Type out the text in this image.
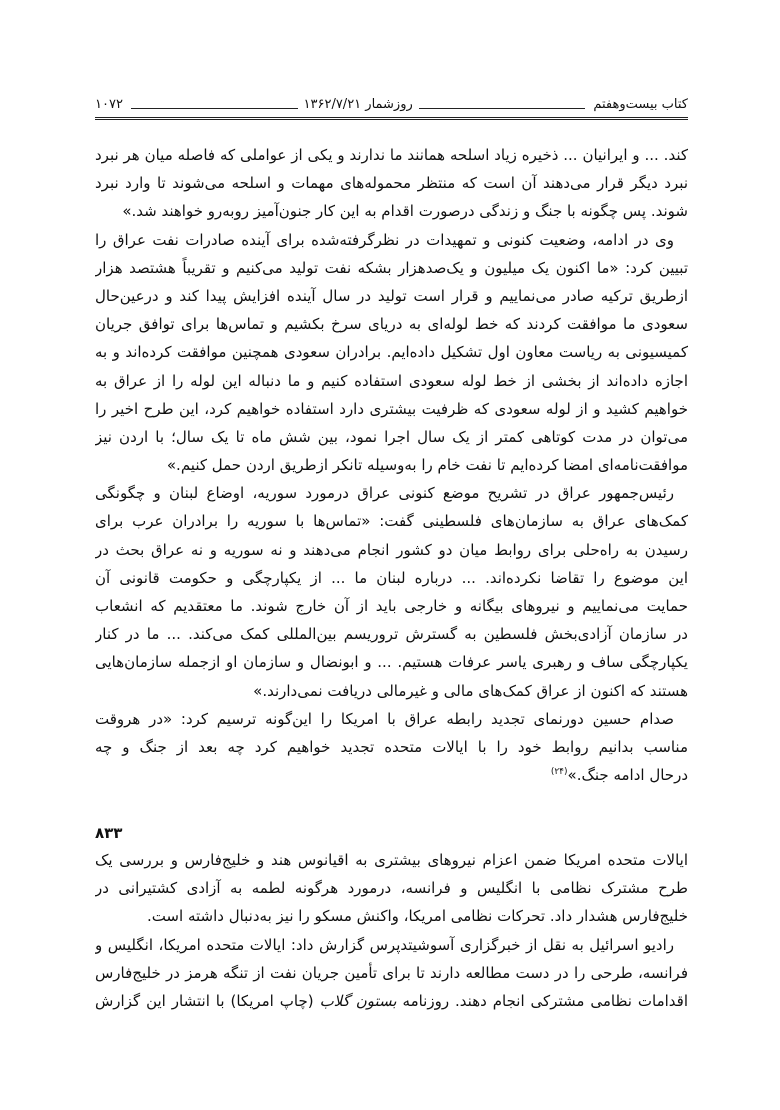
کتاب بیست‌وهفتم
روزشمار ۱۳۶۲/۷/۲۱
۱۰۷۲
کند. ... و ایرانیان ... ذخیره زیاد اسلحه همانند ما ندارند و یکی از عواملی که فاصله میان هر نبرد
نبرد دیگر قرار می‌دهند آن است که منتظر محموله‌های مهمات و اسلحه می‌شوند تا وارد نبرد
شوند. پس چگونه با جنگ و زندگی درصورت اقدام به این کار جنون‌آمیز روبه‌رو خواهند شد.»
وی در ادامه، وضعیت کنونی و تمهیدات در نظرگرفته‌شده برای آینده صادرات نفت عراق را
تبیین کرد: «ما اکنون یک میلیون و یک‌صدهزار بشکه نفت تولید می‌کنیم و تقریباً هشتصد هزار
ازطریق ترکیه صادر می‌نماییم و قرار است تولید در سال آینده افزایش پیدا کند و درعین‌حال
سعودی ما موافقت کردند که خط لوله‌ای به دریای سرخ بکشیم و تماس‌ها برای توافق جریان
کمیسیونی به ریاست معاون اول تشکیل داده‌ایم. برادران سعودی همچنین موافقت کرده‌اند و به
اجازه داده‌اند از بخشی از خط لوله سعودی استفاده کنیم و ما دنباله این لوله را از عراق به
خواهیم کشید و از لوله سعودی که ظرفیت بیشتری دارد استفاده خواهیم کرد، این طرح اخیر را
می‌توان در مدت کوتاهی کمتر از یک سال اجرا نمود، بین شش ماه تا یک سال؛ با اردن نیز
موافقت‌نامه‌ای امضا کرده‌ایم تا نفت خام را به‌وسیله تانکر ازطریق اردن حمل کنیم.»
رئیس‌جمهور عراق در تشریح موضع کنونی عراق درمورد سوریه، اوضاع لبنان و چگونگی
کمک‌های عراق به سازمان‌های فلسطینی گفت: «تماس‌ها با سوریه را برادران عرب برای
رسیدن به راه‌حلی برای روابط میان دو کشور انجام می‌دهند و نه سوریه و نه عراق بحث در
این موضوع را تقاضا نکرده‌اند. ... درباره لبنان ما ... از یکپارچگی و حکومت قانونی آن
حمایت می‌نماییم و نیروهای بیگانه و خارجی باید از آن خارج شوند. ما معتقدیم که انشعاب
در سازمان آزادی‌بخش فلسطین به گسترش تروریسم بین‌المللی کمک می‌کند. ... ما در کنار
یکپارچگی ساف و رهبری یاسر عرفات هستیم. ... و ابونضال و سازمان او ازجمله سازمان‌هایی
هستند که اکنون از عراق کمک‌های مالی و غیرمالی دریافت نمی‌دارند.»
صدام حسین دورنمای تجدید رابطه عراق با امریکا را این‌گونه ترسیم کرد: «در هروقت
مناسب بدانیم روابط خود را با ایالات متحده تجدید خواهیم کرد چه بعد از جنگ و چه
درحال ادامه جنگ.»$^{(۲۴)}$
۸۳۳
ایالات متحده امریکا ضمن اعزام نیروهای بیشتری به اقیانوس هند و خلیج‌فارس و بررسی یک
طرح مشترک نظامی با انگلیس و فرانسه، درمورد هرگونه لطمه به آزادی کشتیرانی در
خلیج‌فارس هشدار داد. تحرکات نظامی امریکا، واکنش مسکو را نیز به‌دنبال داشته است.
رادیو اسرائیل به نقل از خبرگزاری آسوشیتدپرس گزارش داد: ایالات متحده امریکا، انگلیس و
فرانسه، طرحی را در دست مطالعه دارند تا برای تأمین جریان نفت از تنگه هرمز در خلیج‌فارس
اقدامات نظامی مشترکی انجام دهند. روزنامه بستون گلاب (چاپ امریکا) با انتشار این گزارش
